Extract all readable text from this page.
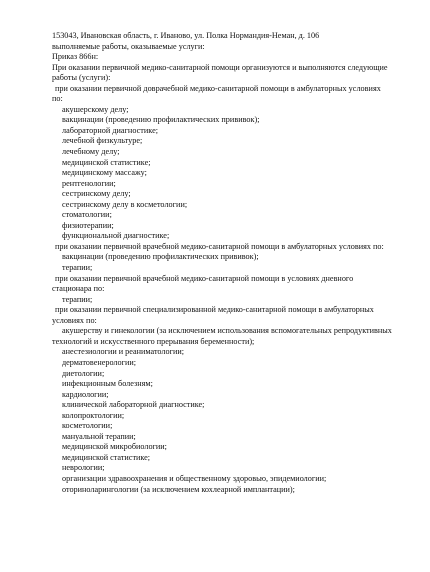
153043, Ивановская область, г. Иваново, ул. Полка Нормандия-Неман, д. 106
выполняемые работы, оказываемые услуги:
Приказ 866н:
При оказании первичной медико-санитарной помощи организуются и выполняются следующие
работы (услуги):
при оказании первичной доврачебной медико-санитарной помощи в амбулаторных условиях
по:
акушерскому делу;
вакцинации (проведению профилактических прививок);
лабораторной диагностике;
лечебной физкультуре;
лечебному делу;
медицинской статистике;
медицинскому массажу;
рентгенологии;
сестринскому делу;
сестринскому делу в косметологии;
стоматологии;
физиотерапии;
функциональной диагностике;
при оказании первичной врачебной медико-санитарной помощи в амбулаторных условиях по:
вакцинации (проведению профилактических прививок);
терапии;
при оказании первичной врачебной медико-санитарной помощи в условиях дневного
стационара по:
терапии;
при оказании первичной специализированной медико-санитарной помощи в амбулаторных
условиях по:
акушерству и гинекологии (за исключением использования вспомогательных репродуктивных
технологий и искусственного прерывания беременности);
анестезиологии и реаниматологии;
дерматовенерологии;
диетологии;
инфекционным болезням;
кардиологии;
клинической лабораторной диагностике;
колопроктологии;
косметологии;
мануальной терапии;
медицинской микробиологии;
медицинской статистике;
неврологии;
организации здравоохранения и общественному здоровью, эпидемиологии;
оториноларингологии (за исключением кохлеарной имплантации);
